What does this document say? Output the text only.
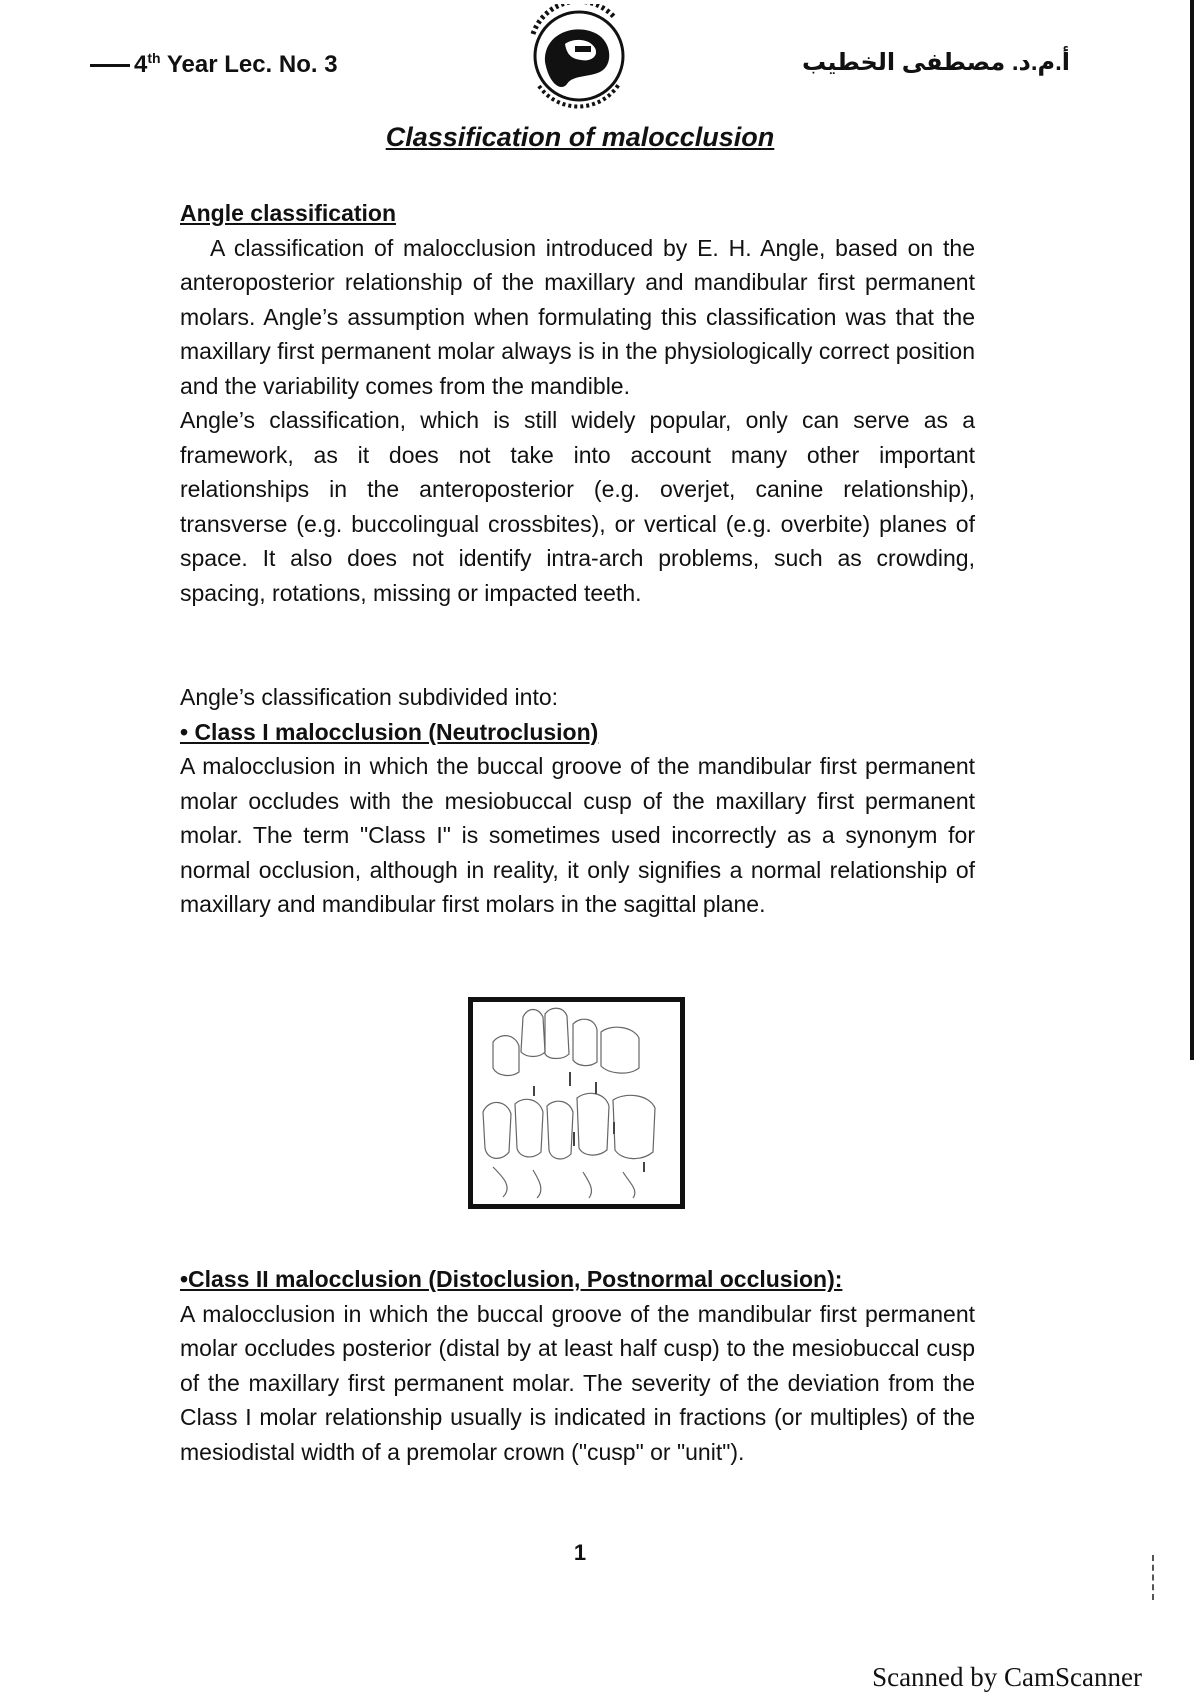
4th Year Lec. No. 3	أ.م.د. مصطفى الخطيب
Classification of malocclusion

Angle classification

A classification of malocclusion introduced by E. H. Angle, based on the anteroposterior relationship of the maxillary and mandibular first permanent molars. Angle’s assumption when formulating this classification was that the maxillary first permanent molar always is in the physiologically correct position and the variability comes from the mandible.

Angle’s classification, which is still widely popular, only can serve as a framework, as it does not take into account many other important relationships in the anteroposterior (e.g. overjet, canine relationship), transverse (e.g. buccolingual crossbites), or vertical (e.g. overbite) planes of space. It also does not identify intra-arch problems, such as crowding, spacing, rotations, missing or impacted teeth.

Angle’s classification subdivided into:

• Class I malocclusion (Neutroclusion)

A malocclusion in which the buccal groove of the mandibular first permanent molar occludes with the mesiobuccal cusp of the maxillary first permanent molar. The term "Class I" is sometimes used incorrectly as a synonym for normal occlusion, although in reality, it only signifies a normal relationship of maxillary and mandibular first molars in the sagittal plane.

•Class II malocclusion (Distoclusion, Postnormal occlusion):

A malocclusion in which the buccal groove of the mandibular first permanent molar occludes posterior (distal by at least half cusp) to the mesiobuccal cusp of the maxillary first permanent molar. The severity of the deviation from the Class I molar relationship usually is indicated in fractions (or multiples) of the mesiodistal width of a premolar crown ("cusp" or "unit").

1
Scanned by CamScanner
